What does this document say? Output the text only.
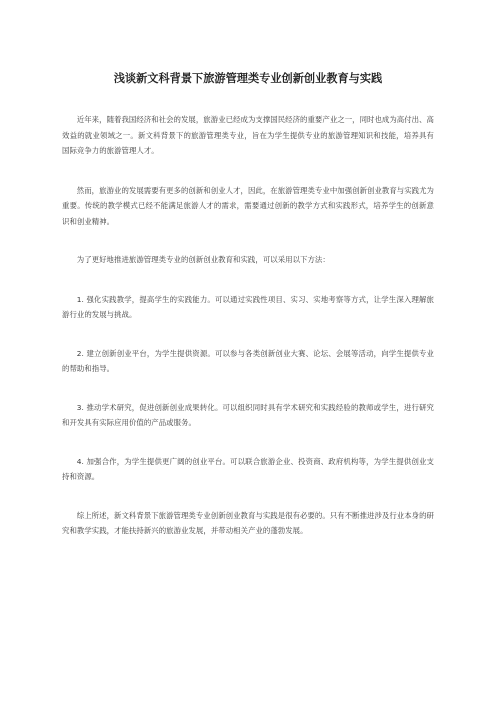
浅谈新文科背景下旅游管理类专业创新创业教育与实践

近年来，随着我国经济和社会的发展，旅游业已经成为支撑国民经济的重要产业之一，同时也成为高付出、高效益的就业领域之一。新文科背景下的旅游管理类专业，旨在为学生提供专业的旅游管理知识和技能，培养具有国际竞争力的旅游管理人才。

然而，旅游业的发展需要有更多的创新和创业人才，因此，在旅游管理类专业中加强创新创业教育与实践尤为重要。传统的教学模式已经不能满足旅游人才的需求，需要通过创新的教学方式和实践形式，培养学生的创新意识和创业精神。

为了更好地推进旅游管理类专业的创新创业教育和实践，可以采用以下方法：

1. 强化实践教学，提高学生的实践能力。可以通过实践性项目、实习、实地考察等方式，让学生深入理解旅游行业的发展与挑战。

2. 建立创新创业平台，为学生提供资源。可以参与各类创新创业大赛、论坛、会展等活动，向学生提供专业的帮助和指导。

3. 推动学术研究，促进创新创业成果转化。可以组织同时具有学术研究和实践经验的教师或学生，进行研究和开发具有实际应用价值的产品或服务。

4. 加强合作，为学生提供更广阔的创业平台。可以联合旅游企业、投资商、政府机构等，为学生提供创业支持和资源。

综上所述，新文科背景下旅游管理类专业创新创业教育与实践是很有必要的。只有不断推进涉及行业本身的研究和教学实践，才能扶持新兴的旅游业发展，并带动相关产业的蓬勃发展。
